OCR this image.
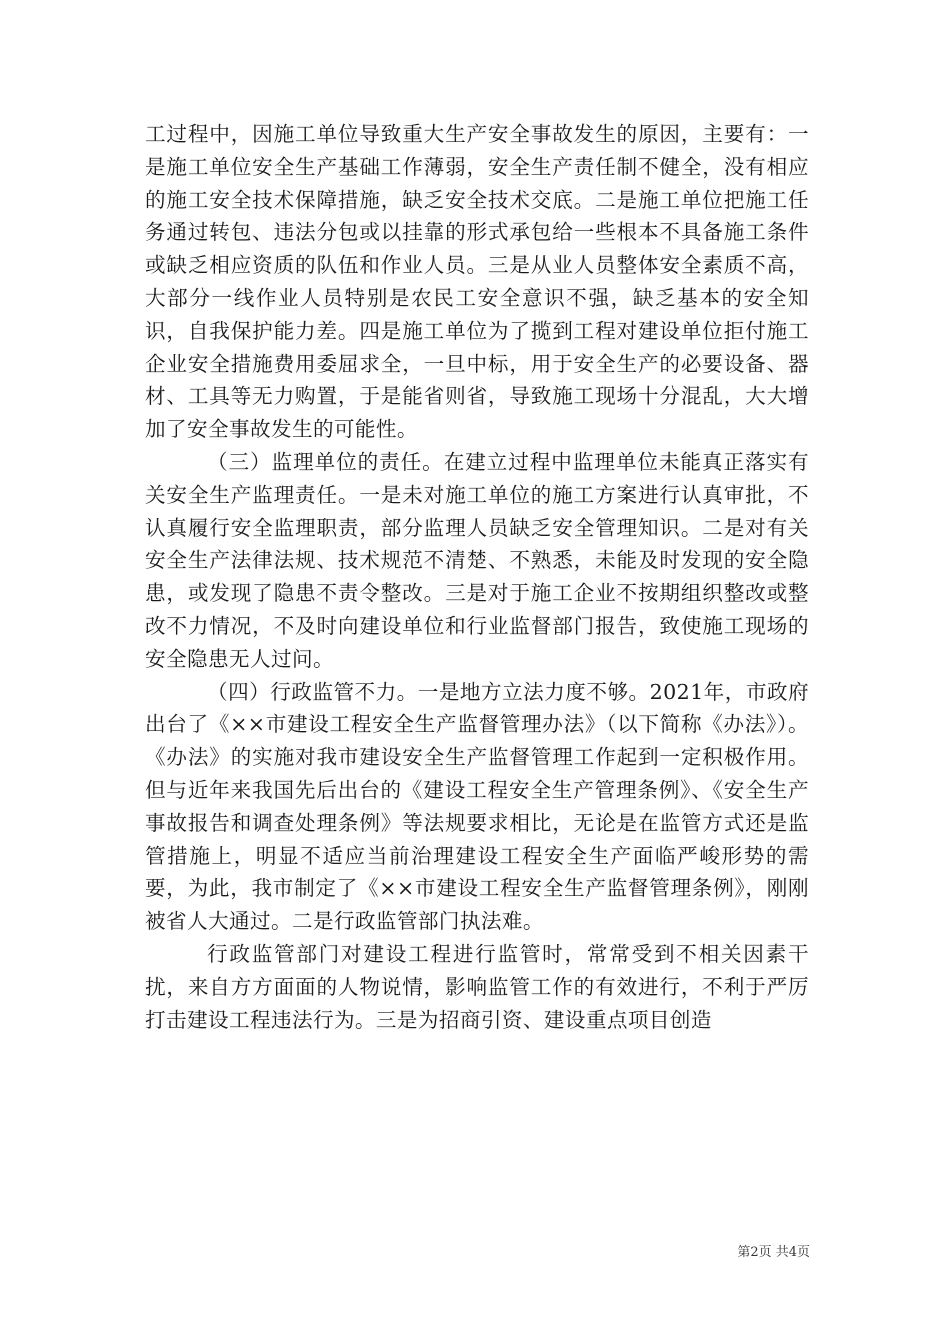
工过程中，因施工单位导致重大生产安全事故发生的原因，主要有：一是施工单位安全生产基础工作薄弱，安全生产责任制不健全，没有相应的施工安全技术保障措施，缺乏安全技术交底。二是施工单位把施工任务通过转包、违法分包或以挂靠的形式承包给一些根本不具备施工条件或缺乏相应资质的队伍和作业人员。三是从业人员整体安全素质不高，大部分一线作业人员特别是农民工安全意识不强，缺乏基本的安全知识，自我保护能力差。四是施工单位为了揽到工程对建设单位拒付施工企业安全措施费用委屈求全，一旦中标，用于安全生产的必要设备、器材、工具等无力购置，于是能省则省，导致施工现场十分混乱，大大增加了安全事故发生的可能性。

（三）监理单位的责任。在建立过程中监理单位未能真正落实有关安全生产监理责任。一是未对施工单位的施工方案进行认真审批，不认真履行安全监理职责，部分监理人员缺乏安全管理知识。二是对有关安全生产法律法规、技术规范不清楚、不熟悉，未能及时发现的安全隐患，或发现了隐患不责令整改。三是对于施工企业不按期组织整改或整改不力情况，不及时向建设单位和行业监督部门报告，致使施工现场的安全隐患无人过问。

（四）行政监管不力。一是地方立法力度不够。2021年，市政府出台了《××市建设工程安全生产监督管理办法》（以下简称《办法》）。《办法》的实施对我市建设安全生产监督管理工作起到一定积极作用。但与近年来我国先后出台的《建设工程安全生产管理条例》、《安全生产事故报告和调查处理条例》等法规要求相比，无论是在监管方式还是监管措施上，明显不适应当前治理建设工程安全生产面临严峻形势的需要，为此，我市制定了《××市建设工程安全生产监督管理条例》，刚刚被省人大通过。二是行政监管部门执法难。

行政监管部门对建设工程进行监管时，常常受到不相关因素干扰，来自方方面面的人物说情，影响监管工作的有效进行，不利于严厉打击建设工程违法行为。三是为招商引资、建设重点项目创造

第2页 共4页
